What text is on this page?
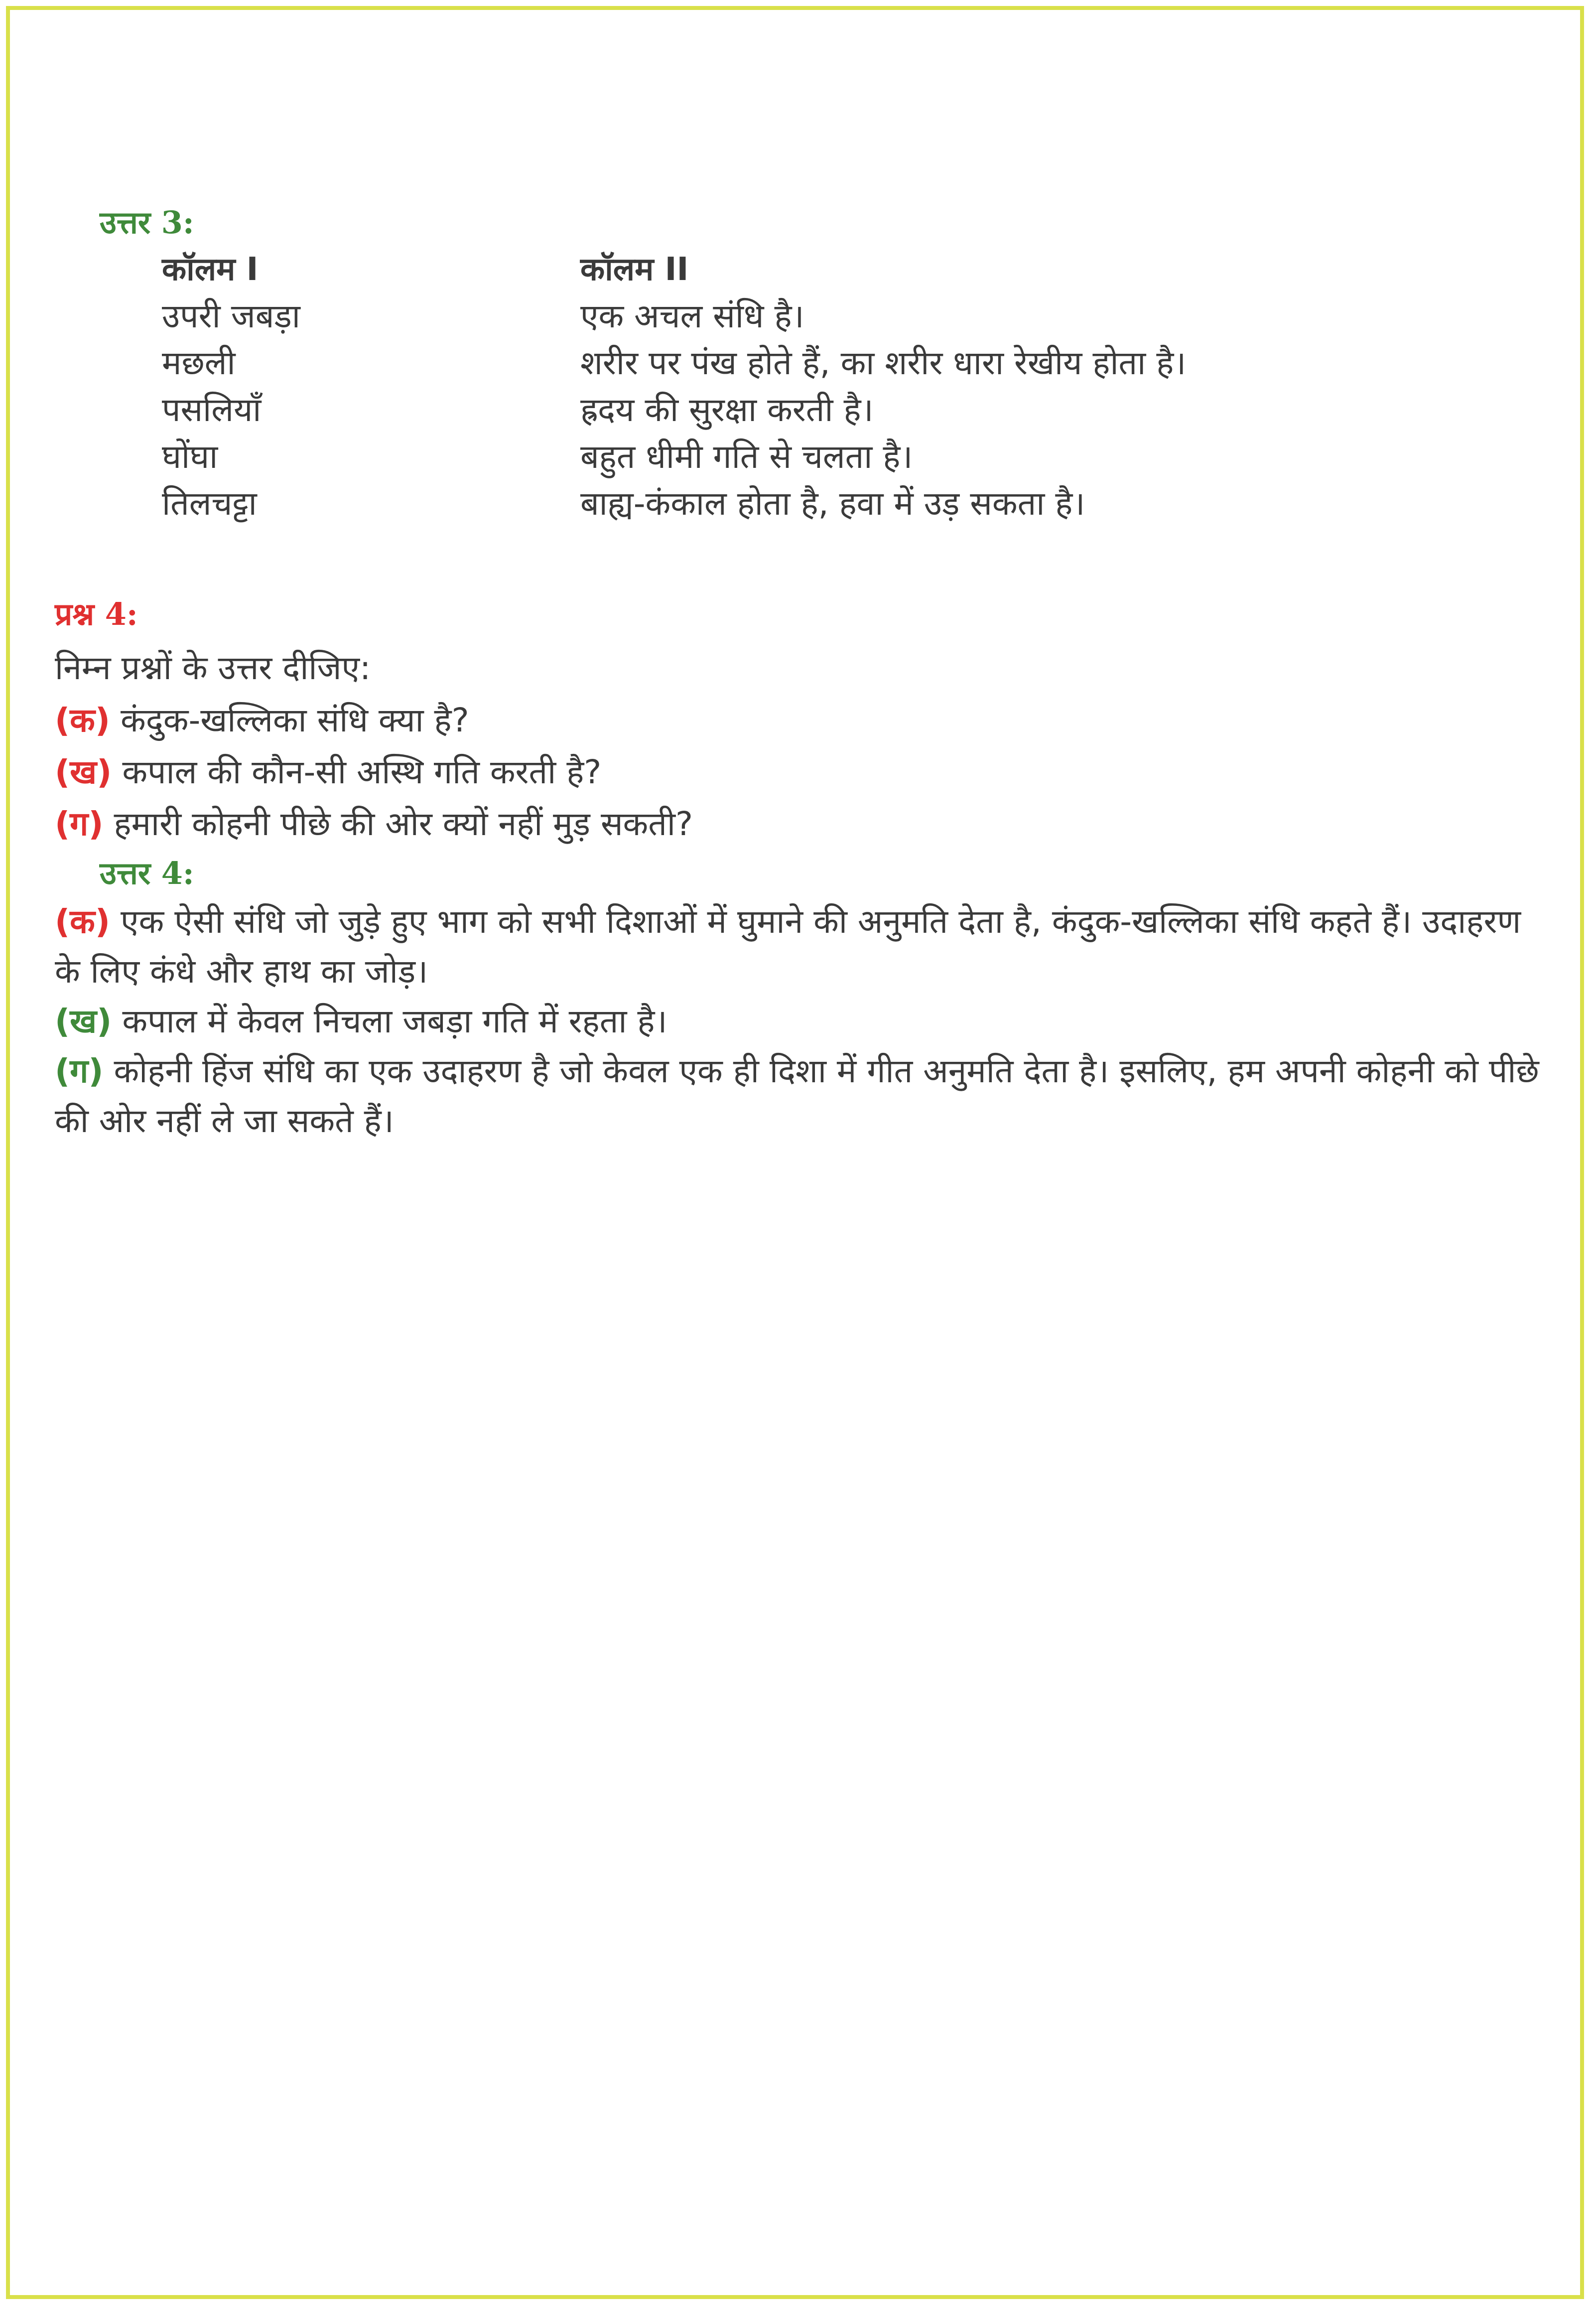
उत्तर 3:
कॉलम I	कॉलम II
उपरी जबड़ा	एक अचल संधि है।
मछली	शरीर पर पंख होते हैं, का शरीर धारा रेखीय होता है।
पसलियाँ	ह्रदय की सुरक्षा करती है।
घोंघा	बहुत धीमी गति से चलता है।
तिलचट्टा	बाह्य-कंकाल होता है, हवा में उड़ सकता है।
प्रश्न 4:
निम्न प्रश्नों के उत्तर दीजिए:
(क) कंदुक-खल्लिका संधि क्या है?
(ख) कपाल की कौन-सी अस्थि गति करती है?
(ग) हमारी कोहनी पीछे की ओर क्यों नहीं मुड़ सकती?
उत्तर 4:
(क) एक ऐसी संधि जो जुड़े हुए भाग को सभी दिशाओं में घुमाने की अनुमति देता है, कंदुक-खल्लिका संधि कहते हैं। उदाहरण के लिए कंधे और हाथ का जोड़।
(ख) कपाल में केवल निचला जबड़ा गति में रहता है।
(ग) कोहनी हिंज संधि का एक उदाहरण है जो केवल एक ही दिशा में गीत अनुमति देता है। इसलिए, हम अपनी कोहनी को पीछे की ओर नहीं ले जा सकते हैं।
